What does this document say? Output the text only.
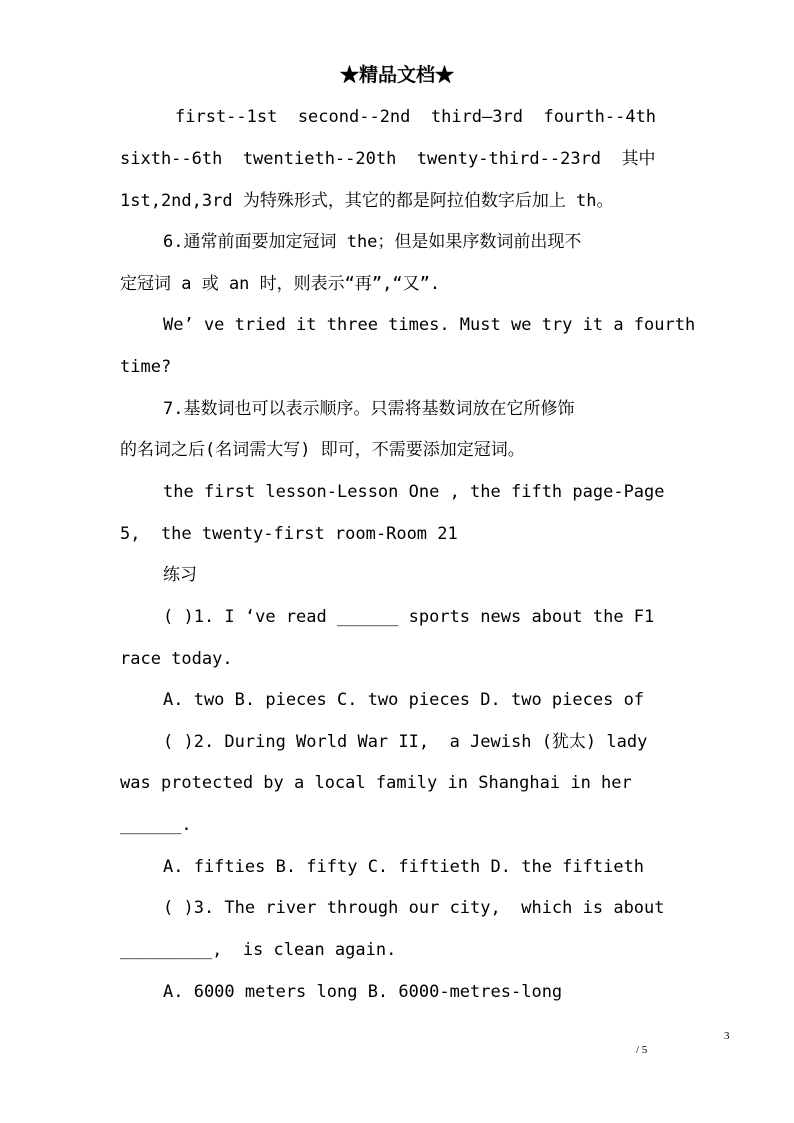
★精品文档★
first--1st  second--2nd  third—3rd  fourth--4th
sixth--6th  twentieth--20th  twenty-third--23rd  其中
1st,2nd,3rd 为特殊形式，其它的都是阿拉伯数字后加上 th。
6.通常前面要加定冠词 the；但是如果序数词前出现不
定冠词 a 或 an 时，则表示“再”,“又”.
We’ ve tried it three times. Must we try it a fourth
time?
7.基数词也可以表示顺序。只需将基数词放在它所修饰
的名词之后(名词需大写) 即可，不需要添加定冠词。
the first lesson-Lesson One , the fifth page-Page
5,  the twenty-first room-Room 21
练习
( )1. I ‘ve read ______ sports news about the F1
race today.
A. two B. pieces C. two pieces D. two pieces of
( )2. During World War II,  a Jewish (犹太) lady
was protected by a local family in Shanghai in her
______.
A. fifties B. fifty C. fiftieth D. the fiftieth
( )3. The river through our city,  which is about
_________,  is clean again.
A. 6000 meters long B. 6000-metres-long
3
/ 5
